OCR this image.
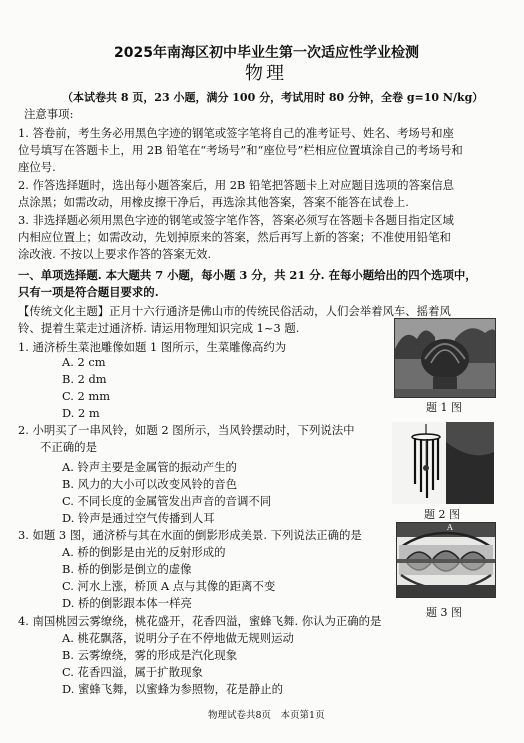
2025年南海区初中毕业生第一次适应性学业检测
物理
（本试卷共 8 页，23 小题，满分 100 分，考试用时 80 分钟，全卷 g=10 N/kg）
注意事项:
1. 答卷前，考生务必用黑色字迹的钢笔或签字笔将自己的准考证号、姓名、考场号和座
位号填写在答题卡上，用 2B 铅笔在“考场号”和“座位号”栏相应位置填涂自己的考场号和
座位号.
2. 作答选择题时，选出每小题答案后，用 2B 铅笔把答题卡上对应题目选项的答案信息
点涂黑；如需改动，用橡皮擦干净后，再选涂其他答案，答案不能答在试卷上.
3. 非选择题必须用黑色字迹的钢笔或签字笔作答，答案必须写在答题卡各题目指定区域
内相应位置上；如需改动，先划掉原来的答案，然后再写上新的答案；不准使用铅笔和
涂改液. 不按以上要求作答的答案无效.
一、单项选择题. 本大题共 7 小题，每小题 3 分，共 21 分. 在每小题给出的四个选项中，
只有一项是符合题目要求的.
【传统文化主题】正月十六行通济是佛山市的传统民俗活动，人们会举着风车、摇着风
铃、提着生菜走过通济桥. 请运用物理知识完成 1~3 题.
1. 通济桥生菜池雕像如题 1 图所示，生菜雕像高约为
A. 2 cm
B. 2 dm
C. 2 mm
D. 2 m	题 1 图
2. 小明买了一串风铃，如题 2 图所示，当风铃摆动时，下列说法中
不正确的是
A. 铃声主要是金属管的振动产生的
B. 风力的大小可以改变风铃的音色
C. 不同长度的金属管发出声音的音调不同
D. 铃声是通过空气传播到人耳	题 2 图
3. 如题 3 图，通济桥与其在水面的倒影形成美景. 下列说法正确的是
A. 桥的倒影是由光的反射形成的
B. 桥的倒影是倒立的虚像
C. 河水上涨，桥顶 A 点与其像的距离不变
D. 桥的倒影跟本体一样亮
A
题 3 图
4. 南国桃园云雾缭绕，桃花盛开，花香四溢，蜜蜂飞舞. 你认为正确的是
A. 桃花飘落，说明分子在不停地做无规则运动
B. 云雾缭绕，雾的形成是汽化现象
C. 花香四溢，属于扩散现象
D. 蜜蜂飞舞，以蜜蜂为参照物，花是静止的
物理试卷共8页　本页第1页
